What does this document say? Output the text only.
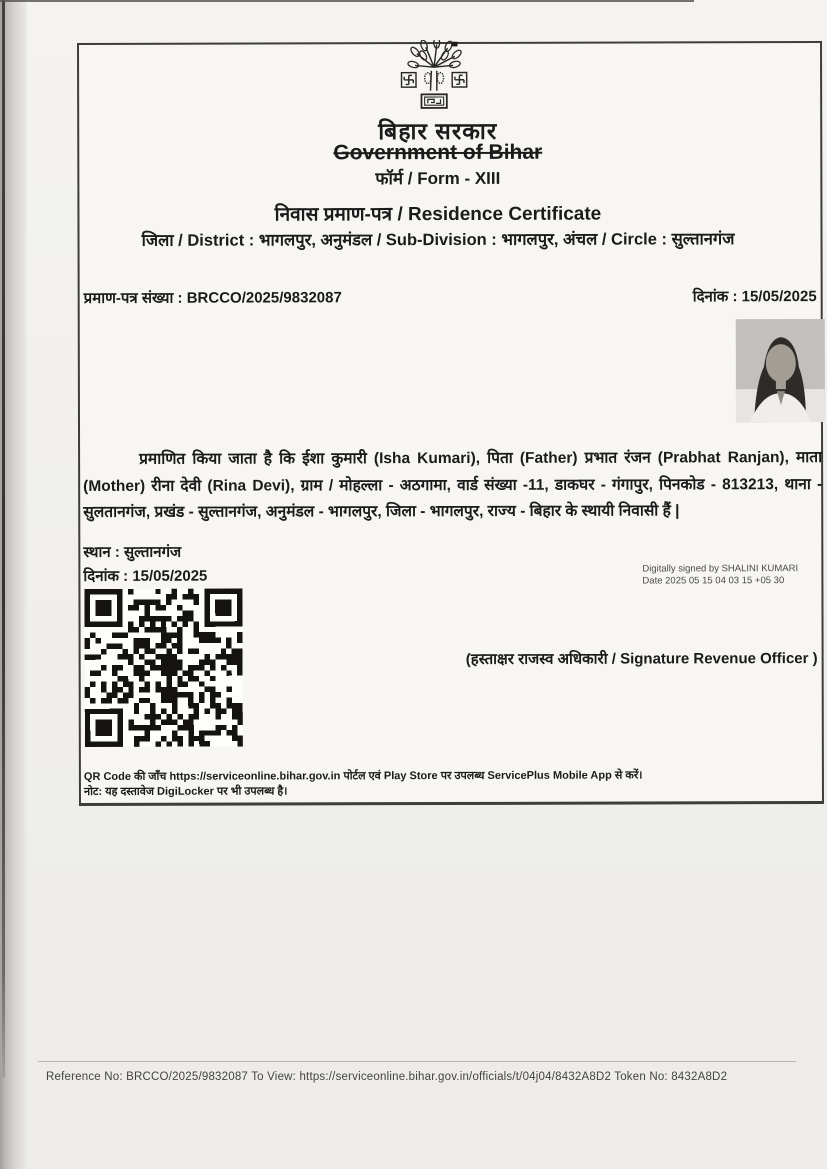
बिहार सरकार
Government of Bihar
फॉर्म / Form - XIII
निवास प्रमाण-पत्र / Residence Certificate
जिला / District : भागलपुर, अनुमंडल / Sub-Division : भागलपुर, अंचल / Circle : सुल्तानगंज
प्रमाण-पत्र संख्या : BRCCO/2025/9832087	दिनांक : 15/05/2025
प्रमाणित किया जाता है कि ईशा कुमारी (Isha Kumari), पिता (Father) प्रभात रंजन (Prabhat Ranjan), माता (Mother) रीना देवी (Rina Devi), ग्राम / मोहल्ला - अठगामा, वार्ड संख्या -11, डाकघर - गंगापुर, पिनकोड - 813213, थाना - सुलतानगंज, प्रखंड - सुल्तानगंज, अनुमंडल - भागलपुर, जिला - भागलपुर, राज्य - बिहार के स्थायी निवासी हैं |
स्थान : सुल्तानगंज
दिनांक : 15/05/2025	Digitally signed by SHALINI KUMARI
Date 2025 05 15 04 03 15 +05 30
(हस्ताक्षर राजस्व अधिकारी / Signature Revenue Officer )
QR Code की जाँच https://serviceonline.bihar.gov.in पोर्टल एवं Play Store पर उपलब्ध ServicePlus Mobile App से करें।
नोट: यह दस्तावेज DigiLocker पर भी उपलब्ध है।
Reference No: BRCCO/2025/9832087 To View: https://serviceonline.bihar.gov.in/officials/t/04j04/8432A8D2 Token No: 8432A8D2
